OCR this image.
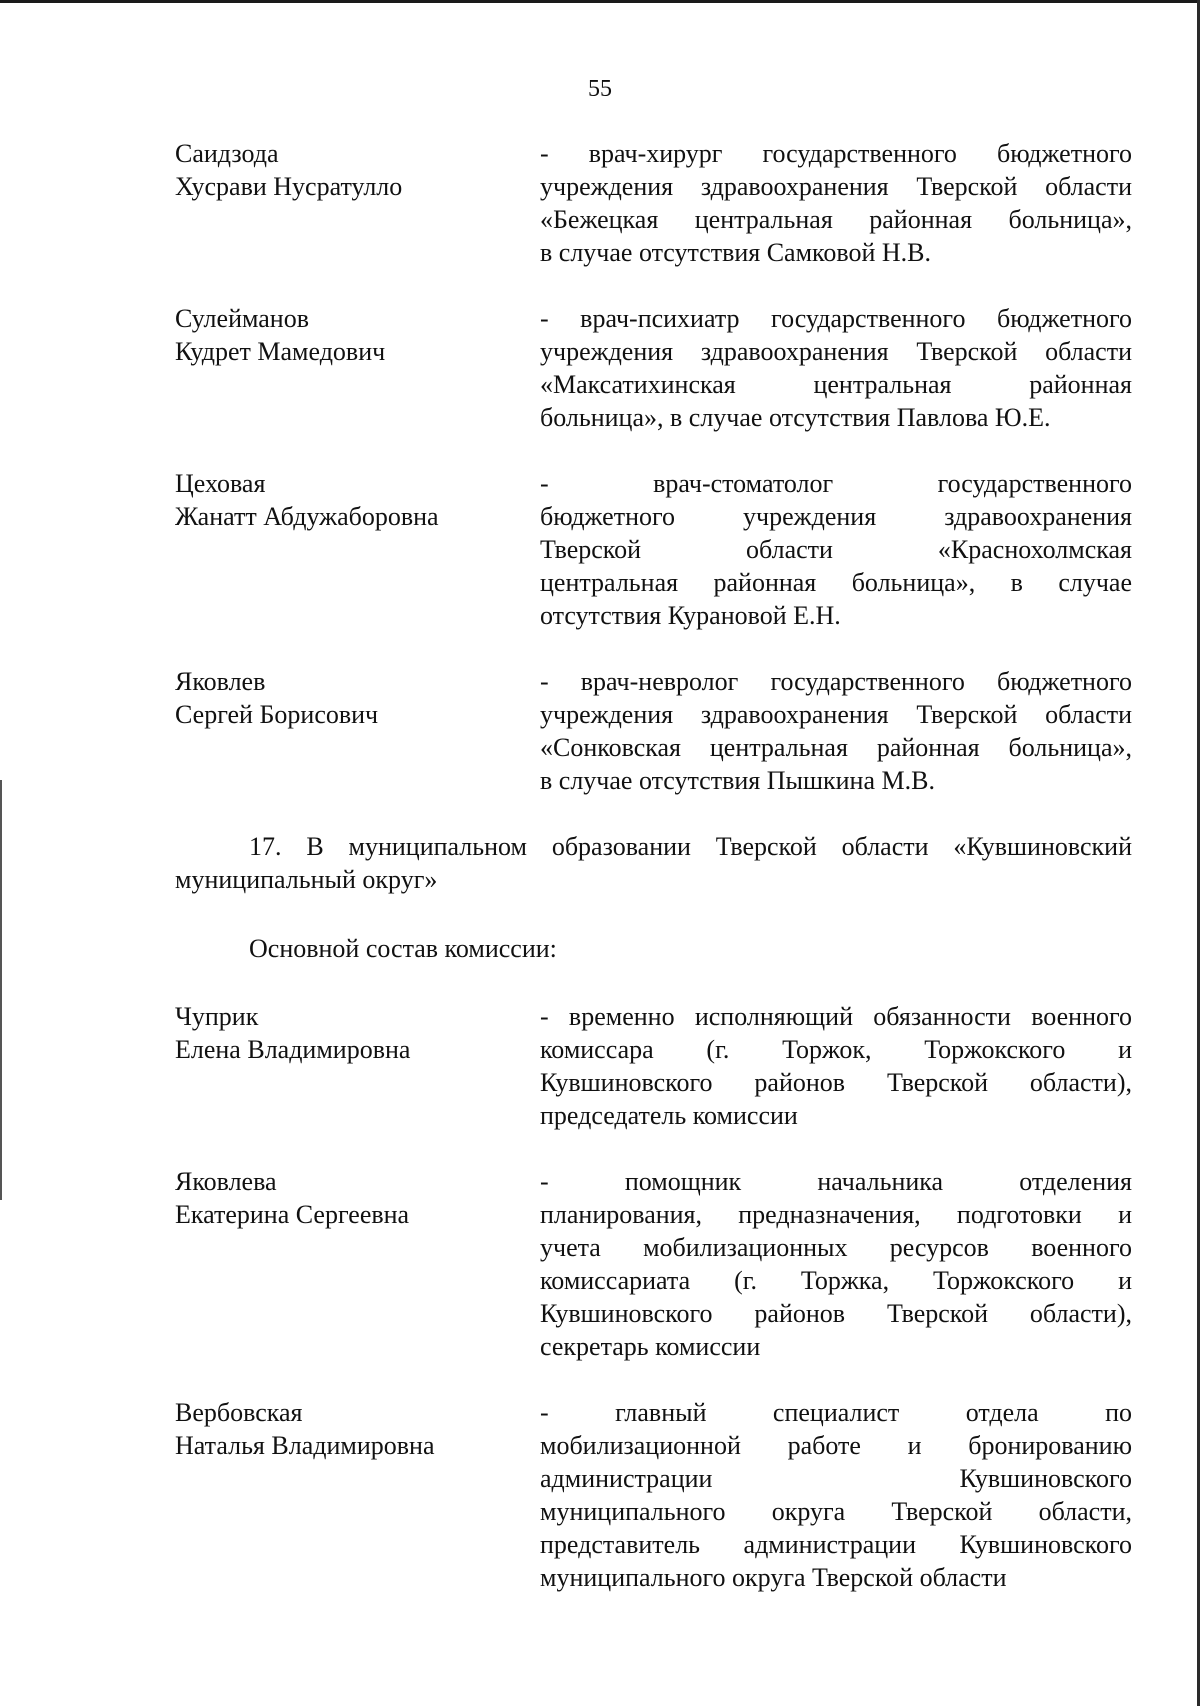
55
Саидзода
Хусрави Нусратулло
- врач-хирург государственного бюджетного
учреждения здравоохранения Тверской области
«Бежецкая центральная районная больница»,
в случае отсутствия Самковой Н.В.
Сулейманов
Кудрет Мамедович
- врач-психиатр государственного бюджетного
учреждения здравоохранения Тверской области
«Максатихинская центральная районная
больница», в случае отсутствия Павлова Ю.Е.
Цеховая
Жанатт Абдужаборовна
- врач-стоматолог государственного
бюджетного учреждения здравоохранения
Тверской области «Краснохолмская
центральная районная больница», в случае
отсутствия Курановой Е.Н.
Яковлев
Сергей Борисович
- врач-невролог государственного бюджетного
учреждения здравоохранения Тверской области
«Сонковская центральная районная больница»,
в случае отсутствия Пышкина М.В.
17. В муниципальном образовании Тверской области «Кувшиновский
муниципальный округ»
Основной состав комиссии:
Чуприк
Елена Владимировна
- временно исполняющий обязанности военного
комиссара (г. Торжок, Торжокского и
Кувшиновского районов Тверской области),
председатель комиссии
Яковлева
Екатерина Сергеевна
- помощник начальника отделения
планирования, предназначения, подготовки и
учета мобилизационных ресурсов военного
комиссариата (г. Торжка, Торжокского и
Кувшиновского районов Тверской области),
секретарь комиссии
Вербовская
Наталья Владимировна
- главный специалист отдела по
мобилизационной работе и бронированию
администрации Кувшиновского
муниципального округа Тверской области,
представитель администрации Кувшиновского
муниципального округа Тверской области
